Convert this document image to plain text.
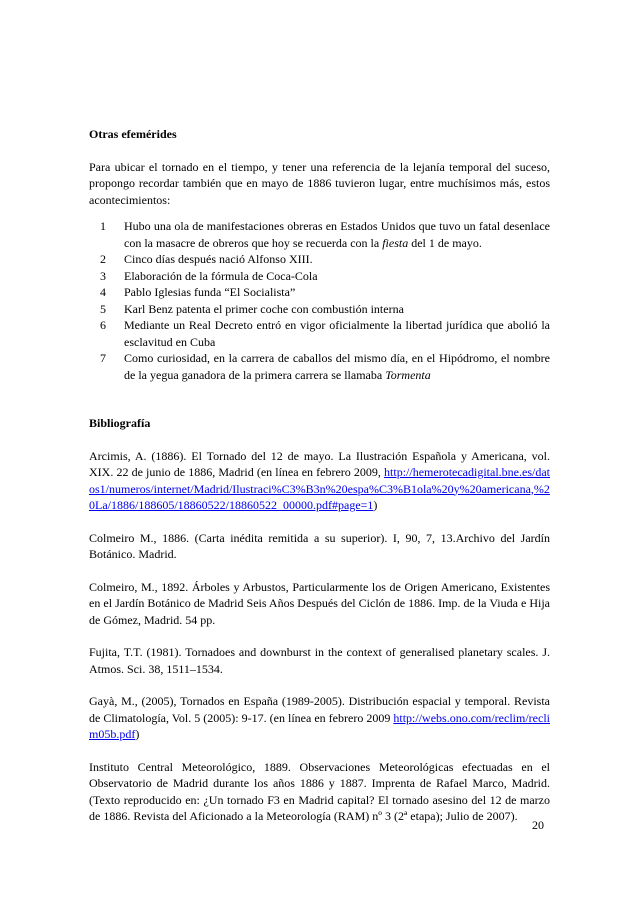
Otras efemérides

Para ubicar el tornado en el tiempo, y tener una referencia de la lejanía temporal del suceso, propongo recordar también que en mayo de 1886 tuvieron lugar, entre muchísimos más, estos acontecimientos:

1 Hubo una ola de manifestaciones obreras en Estados Unidos que tuvo un fatal desenlace con la masacre de obreros que hoy se recuerda con la fiesta del 1 de mayo.
2 Cinco días después nació Alfonso XIII.
3 Elaboración de la fórmula de Coca-Cola
4 Pablo Iglesias funda “El Socialista”
5 Karl Benz patenta el primer coche con combustión interna
6 Mediante un Real Decreto entró en vigor oficialmente la libertad jurídica que abolió la esclavitud en Cuba
7 Como curiosidad, en la carrera de caballos del mismo día, en el Hipódromo, el nombre de la yegua ganadora de la primera carrera se llamaba Tormenta

Bibliografía

Arcimis, A. (1886). El Tornado del 12 de mayo. La Ilustración Española y Americana, vol. XIX. 22 de junio de 1886, Madrid (en línea en febrero 2009, http://hemerotecadigital.bne.es/datos1/numeros/internet/Madrid/Ilustraci%C3%B3n%20espa%C3%B1ola%20y%20americana,%20La/1886/188605/18860522/18860522_00000.pdf#page=1)

Colmeiro M., 1886. (Carta inédita remitida a su superior). I, 90, 7, 13.Archivo del Jardín Botánico. Madrid.

Colmeiro, M., 1892. Árboles y Arbustos, Particularmente los de Origen Americano, Existentes en el Jardín Botánico de Madrid Seis Años Después del Ciclón de 1886. Imp. de la Viuda e Hija de Gómez, Madrid. 54 pp.

Fujita, T.T. (1981). Tornadoes and downburst in the context of generalised planetary scales. J. Atmos. Sci. 38, 1511–1534.

Gayà, M., (2005), Tornados en España (1989-2005). Distribución espacial y temporal. Revista de Climatología, Vol. 5 (2005): 9-17. (en línea en febrero 2009 http://webs.ono.com/reclim/reclim05b.pdf)

Instituto Central Meteorológico, 1889. Observaciones Meteorológicas efectuadas en el Observatorio de Madrid durante los años 1886 y 1887. Imprenta de Rafael Marco, Madrid. (Texto reproducido en: ¿Un tornado F3 en Madrid capital? El tornado asesino del 12 de marzo de 1886. Revista del Aficionado a la Meteorología (RAM) nº 3 (2ª etapa); Julio de 2007).

20
